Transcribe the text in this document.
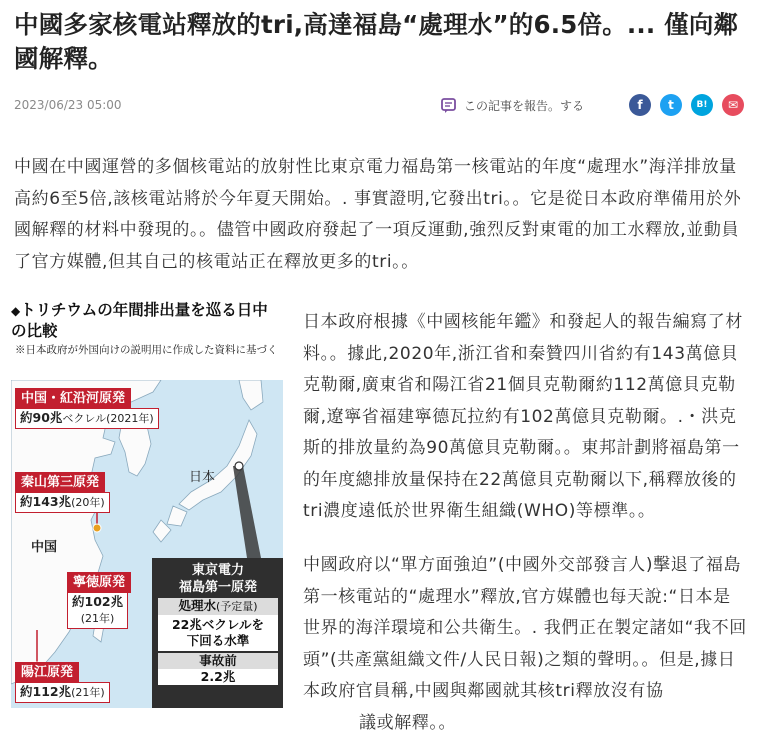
中國多家核電站釋放的tri,高達福島“處理水”的6.5倍。... 僅向鄰國解釋。
2023/06/23 05:00	この記事を報告。する	f	t	B!	✉

中國在中國運營的多個核電站的放射性比東京電力福島第一核電站的年度“處理水”海洋排放量高約6至5倍,該核電站將於今年夏天開始。. 事實證明,它發出tri。。它是從日本政府準備用於外國解釋的材料中發現的。。儘管中國政府發起了一項反運動,強烈反對東電的加工水釋放,並動員了官方媒體,但其自己的核電站正在釋放更多的tri。。

◆トリチウムの年間排出量を巡る日中の比較
※日本政府が外国向けの説明用に作成した資料に基づく
中国・紅沿河原発
約90兆ベクレル(2021年)
秦山第三原発
約143兆(20年)
中国
日本
寧徳原発
約102兆
(21年)
陽江原発
約112兆(21年)
東京電力
福島第一原発
処理水(予定量)
22兆ベクレルを
下回る水準
事故前
2.2兆

日本政府根據《中國核能年鑑》和發起人的報告編寫了材料。。據此,2020年,浙江省和秦贊四川省約有143萬億貝克勒爾,廣東省和陽江省21個貝克勒爾約112萬億貝克勒爾,遼寧省福建寧德瓦拉約有102萬億貝克勒爾。.・洪克斯的排放量約為90萬億貝克勒爾。。東邦計劃將福島第一的年度總排放量保持在22萬億貝克勒爾以下,稱釋放後的tri濃度遠低於世界衛生組織(WHO)等標準。。

中國政府以“單方面強迫”(中國外交部發言人)擊退了福島第一核電站的“處理水”釋放,官方媒體也每天說:“日本是世界的海洋環境和公共衛生。. 我們正在製定諸如“我不回頭”(共產黨組織文件/人民日報)之類的聲明。。但是,據日本政府官員稱,中國與鄰國就其核tri釋放沒有協
議或解釋。。
